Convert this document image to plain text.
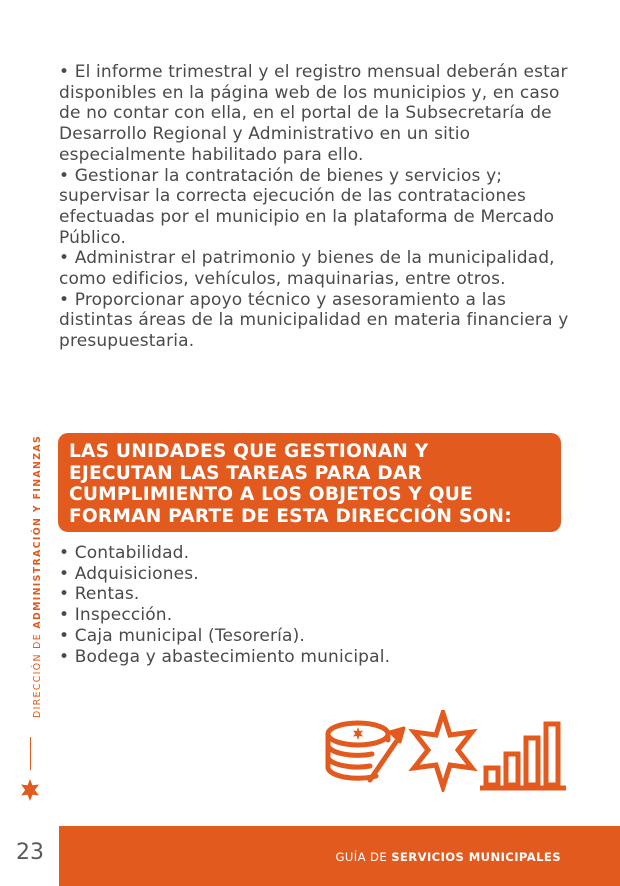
• El informe trimestral y el registro mensual deberán estar disponibles en la página web de los municipios y, en caso de no contar con ella, en el portal de la Subsecretaría de Desarrollo Regional y Administrativo en un sitio especialmente habilitado para ello.
• Gestionar la contratación de bienes y servicios y; supervisar la correcta ejecución de las contrataciones efectuadas por el municipio en la plataforma de Mercado Público.
• Administrar el patrimonio y bienes de la municipalidad, como edificios, vehículos, maquinarias, entre otros.
• Proporcionar apoyo técnico y asesoramiento a las distintas áreas de la municipalidad en materia financiera y presupuestaria.
LAS UNIDADES QUE GESTIONAN Y
EJECUTAN LAS TAREAS PARA DAR
CUMPLIMIENTO A LOS OBJETOS Y QUE
FORMAN PARTE DE ESTA DIRECCIÓN SON:
• Contabilidad.
• Adquisiciones.
• Rentas.
• Inspección.
• Caja municipal (Tesorería).
• Bodega y abastecimiento municipal.
DIRECCIÓN DE ADMINISTRACIÓN Y FINANZAS
23	GUÍA DE SERVICIOS MUNICIPALES
